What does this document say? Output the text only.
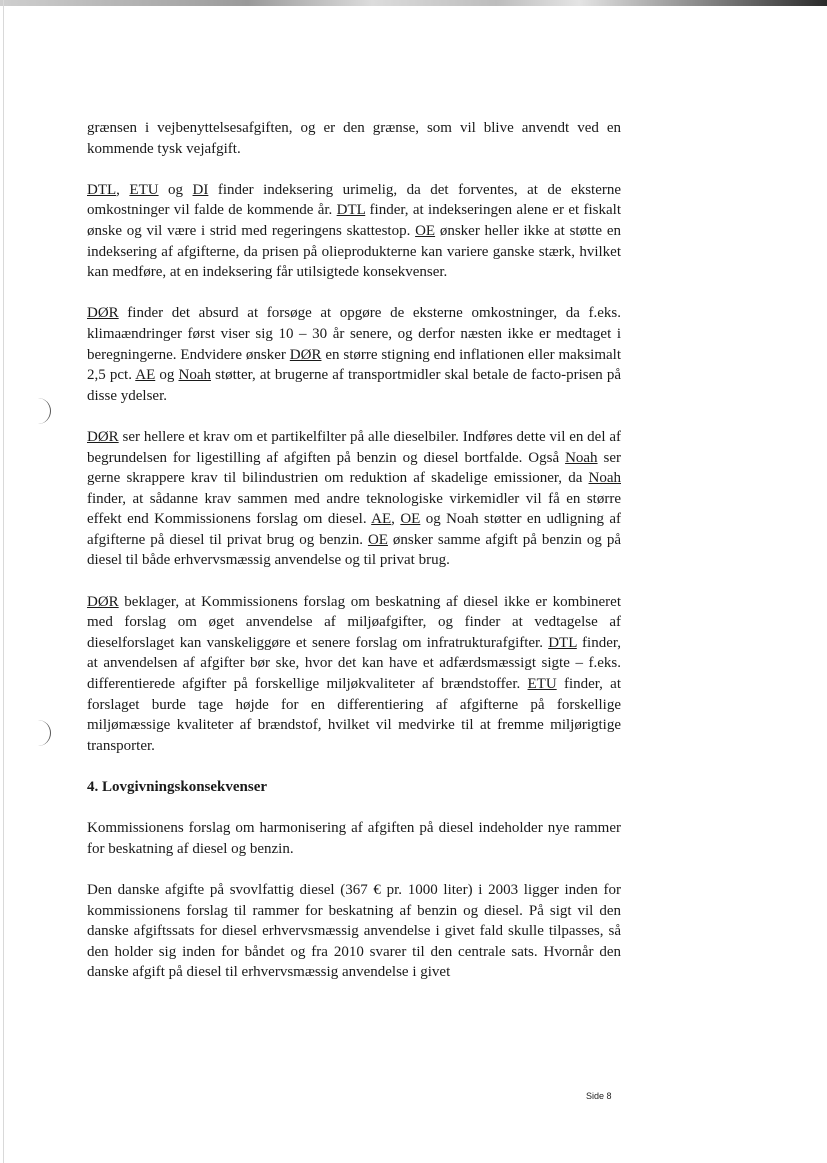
grænsen i vejbenyttelsesafgiften, og er den grænse, som vil blive anvendt ved en kommende tysk vejafgift.

DTL, ETU og DI finder indeksering urimelig, da det forventes, at de eksterne omkostninger vil falde de kommende år. DTL finder, at indekseringen alene er et fiskalt ønske og vil være i strid med regeringens skattestop. OE ønsker heller ikke at støtte en indeksering af afgifterne, da prisen på olieprodukterne kan variere ganske stærk, hvilket kan medføre, at en indeksering får utilsigtede konsekvenser.

DØR finder det absurd at forsøge at opgøre de eksterne omkostninger, da f.eks. klimaændringer først viser sig 10 – 30 år senere, og derfor næsten ikke er medtaget i beregningerne. Endvidere ønsker DØR en større stigning end inflationen eller maksimalt 2,5 pct. AE og Noah støtter, at brugerne af transportmidler skal betale de facto-prisen på disse ydelser.

DØR ser hellere et krav om et partikelfilter på alle dieselbiler. Indføres dette vil en del af begrundelsen for ligestilling af afgiften på benzin og diesel bortfalde. Også Noah ser gerne skrappere krav til bilindustrien om reduktion af skadelige emissioner, da Noah finder, at sådanne krav sammen med andre teknologiske virkemidler vil få en større effekt end Kommissionens forslag om diesel. AE, OE og Noah støtter en udligning af afgifterne på diesel til privat brug og benzin. OE ønsker samme afgift på benzin og på diesel til både erhvervsmæssig anvendelse og til privat brug.

DØR beklager, at Kommissionens forslag om beskatning af diesel ikke er kombineret med forslag om øget anvendelse af miljøafgifter, og finder at vedtagelse af dieselforslaget kan vanskeliggøre et senere forslag om infratrukturafgifter. DTL finder, at anvendelsen af afgifter bør ske, hvor det kan have et adfærdsmæssigt sigte – f.eks. differentierede afgifter på forskellige miljøkvaliteter af brændstoffer. ETU finder, at forslaget burde tage højde for en differentiering af afgifterne på forskellige miljømæssige kvaliteter af brændstof, hvilket vil medvirke til at fremme miljørigtige transporter.

4. Lovgivningskonsekvenser

Kommissionens forslag om harmonisering af afgiften på diesel indeholder nye rammer for beskatning af diesel og benzin.

Den danske afgifte på svovlfattig diesel (367 € pr. 1000 liter) i 2003 ligger inden for kommissionens forslag til rammer for beskatning af benzin og diesel. På sigt vil den danske afgiftssats for diesel erhvervsmæssig anvendelse i givet fald skulle tilpasses, så den holder sig inden for båndet og fra 2010 svarer til den centrale sats. Hvornår den danske afgift på diesel til erhvervsmæssig anvendelse i givet

Side 8
